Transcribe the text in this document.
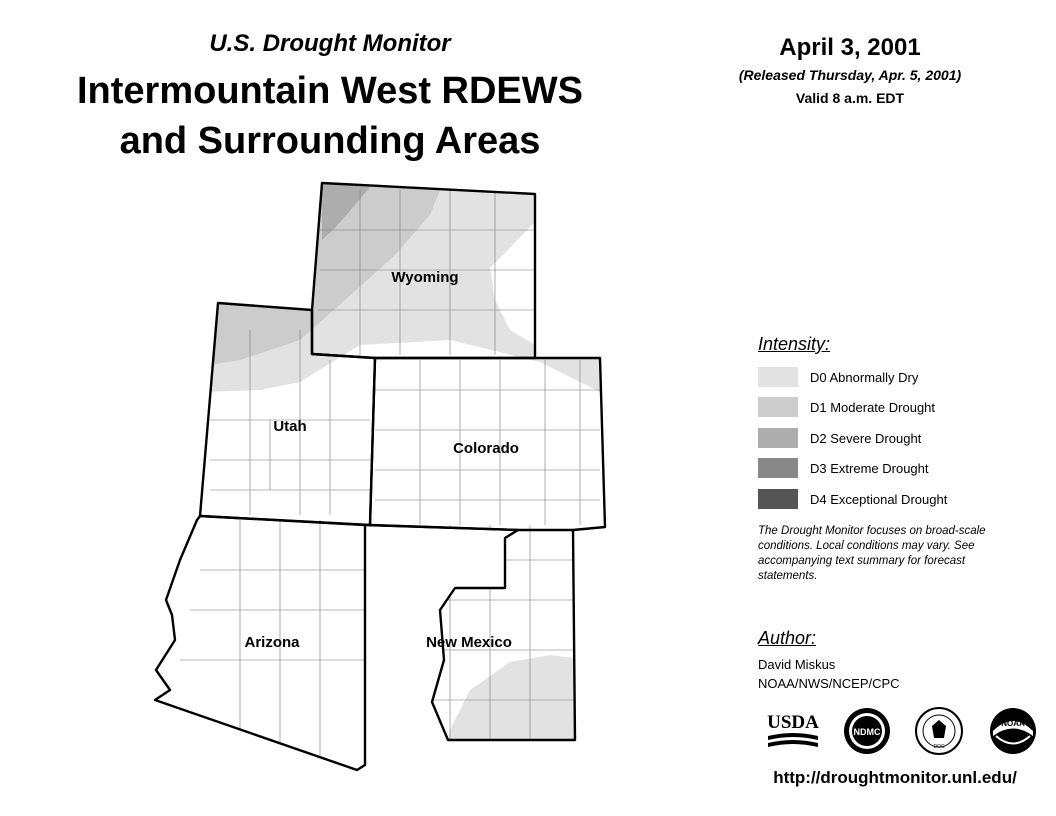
U.S. Drought Monitor
Intermountain West RDEWS
and Surrounding Areas
April 3, 2001
(Released Thursday, Apr. 5, 2001)
Valid 8 a.m. EDT
Wyoming
Utah
Colorado
Arizona	New Mexico
Intensity:
D0 Abnormally Dry
D1 Moderate Drought
D2 Severe Drought
D3 Extreme Drought
D4 Exceptional Drought
The Drought Monitor focuses on broad-scale conditions. Local conditions may vary. See accompanying text summary for forecast statements.
Author:
David Miskus
NOAA/NWS/NCEP/CPC
USDA	NDMC
DOC
NOAA
http://droughtmonitor.unl.edu/
